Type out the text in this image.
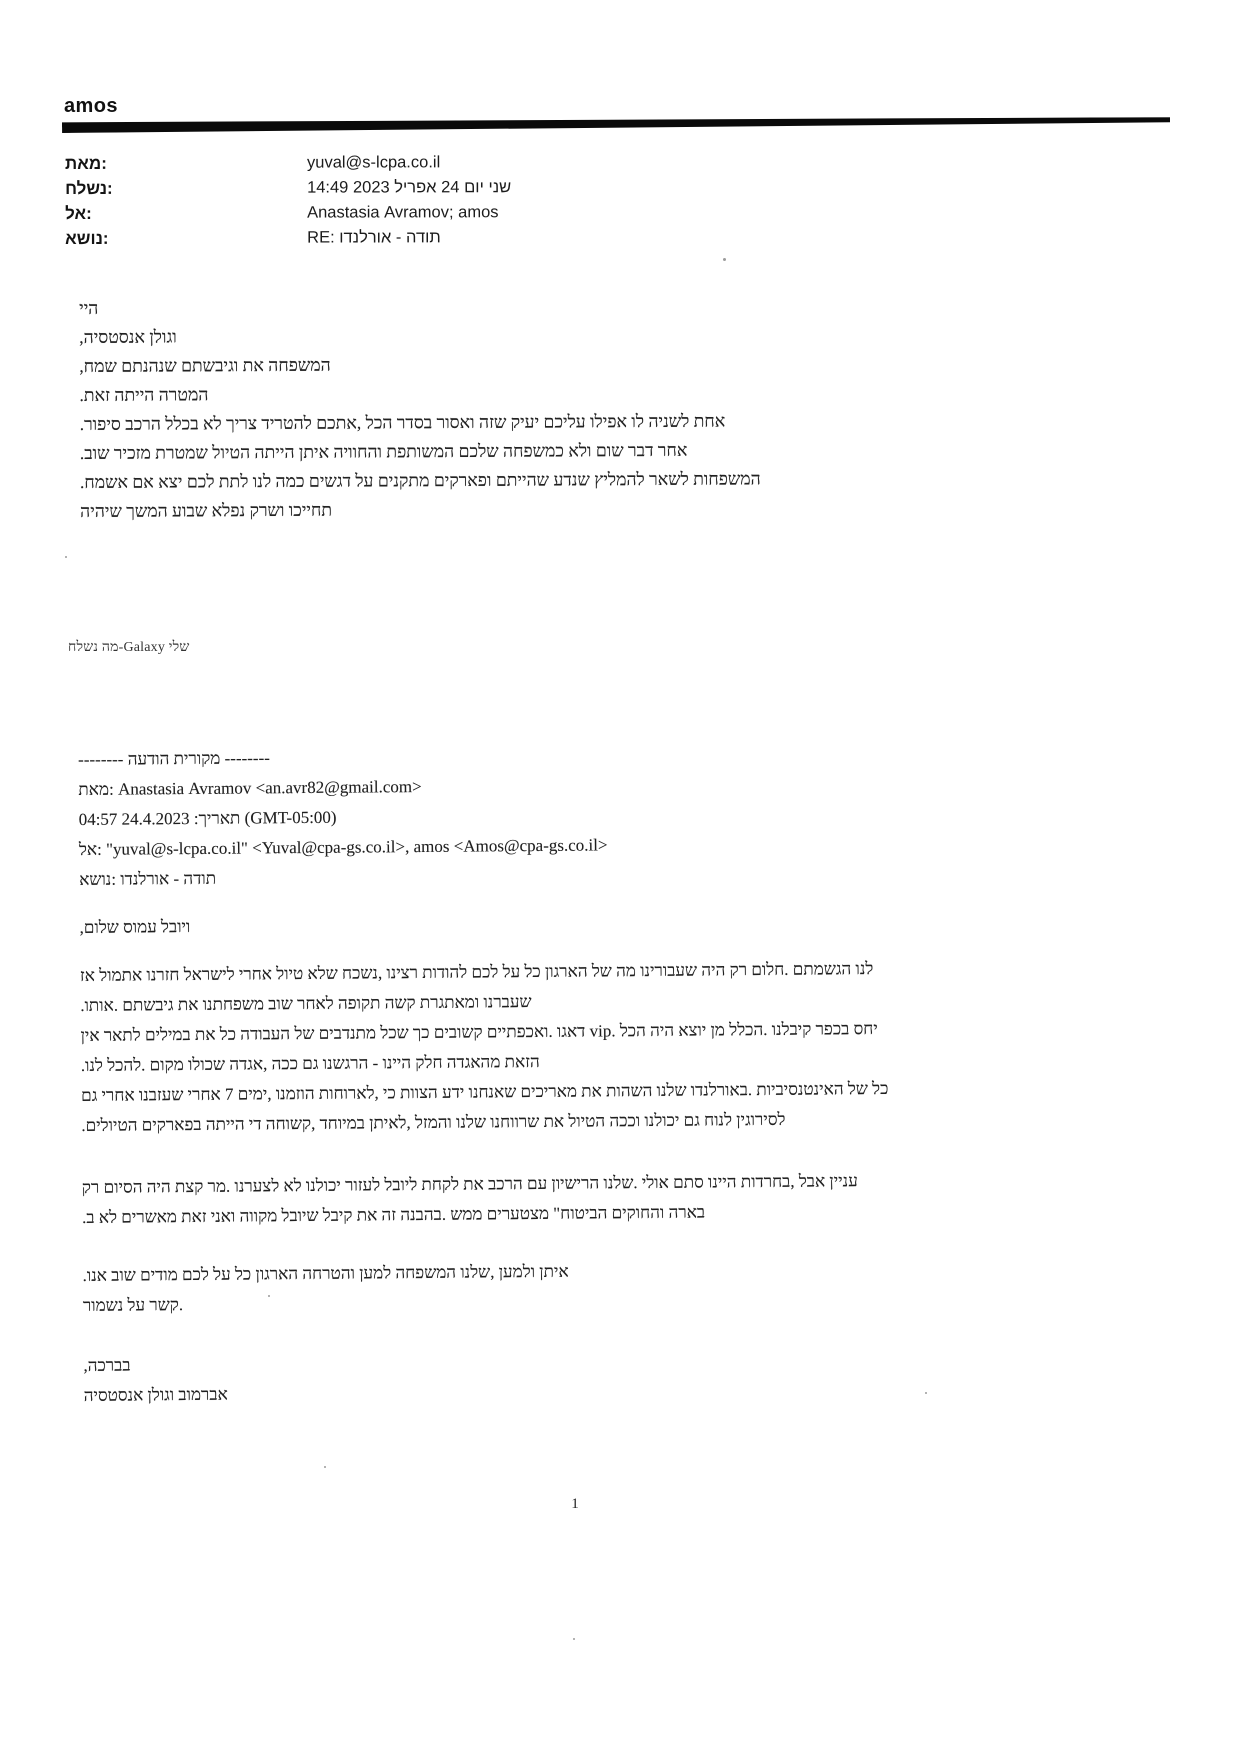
amos
מאת:	yuval@s-lcpa.co.il
נשלח:	14:49 2023 אפריל 24 יום שני
אל:	Anastasia Avramov; amos
נושא:	RE: אורלנדו - תודה
היי
,אנסטסיה וגולן
,שמח שנהנתם וגיבשתם את המשפחה
.זאת הייתה המטרה
.סיפור הרכב בכלל לא צריך להטריד אתכם, הכל בסדר ואסור שזה יעיק עליכם אפילו לו לשניה אחת
.שוב מזכיר שמטרת הטיול הייתה איתן והחוויה המשותפת שלכם כמשפחה ולא שום דבר אחר
.אשמח אם יצא לכם לתת לנו כמה דגשים על מתקנים ופארקים שהייתם שנדע להמליץ לשאר המשפחות
שיהיה המשך שבוע נפלא ושרק תחייכו
נשלח מה-Galaxy שלי
-------- הודעה מקורית --------
מאת: Anastasia Avramov <an.avr82@gmail.com>
04:57 24.4.2023 :תאריך (GMT-05:00)
אל: "yuval@s-lcpa.co.il" <Yuval@cpa-gs.co.il>, amos <Amos@cpa-gs.co.il>
נושא: אורלנדו - תודה
,שלום עמוס ויובל
אז אתמול חזרנו לישראל אחרי טיול שלא נשכח, רצינו להודות לכם על כל הארגון של מה שעבורינו היה רק חלום. הגשמתם לנו
.אותו. גיבשתם את משפחתנו שוב לאחר תקופה קשה ומאתגרת שעברנו
אין לתאר במילים את כל העבודה של מתנדבים שכל כך קשובים ואכפתיים. דאגו vip. הכל היה יוצא מן הכלל. קיבלנו בכפר יחס
.לנו להכל. מקום שכולו אגדה, ככה גם הרגשנו - היינו חלק מהאגדה הזאת
גם אחרי שעזבנו אחרי 7 ימים, הוזמנו לארוחות, כי הצוות ידע שאנחנו מאריכים את השהות שלנו באורלנדו. האינטנסיביות של כל
.הטיולים בפארקים הייתה די קשוחה, במיוחד לאיתן, והמזל שלנו שרווחנו את הטיול וככה יכולנו גם לנוח לסירוגין
רק הסיום היה קצת מר. לצערנו לא יכולנו לעזור ליובל לקחת את הרכב עם הרישיון שלנו. אולי סתם היינו בחרדות, אבל עניין
.ב לא מאשרים זאת ואני מקווה שיובל קיבל את זה בהבנה. ממש מצטערים "הביטוח והחוקים בארה
.אנו שוב מודים לכם על כל הארגון והטרחה למען המשפחה שלנו, ולמען איתן
נשמור על קשר.
,בברכה
אנסטסיה וגולן אברמוב
1
